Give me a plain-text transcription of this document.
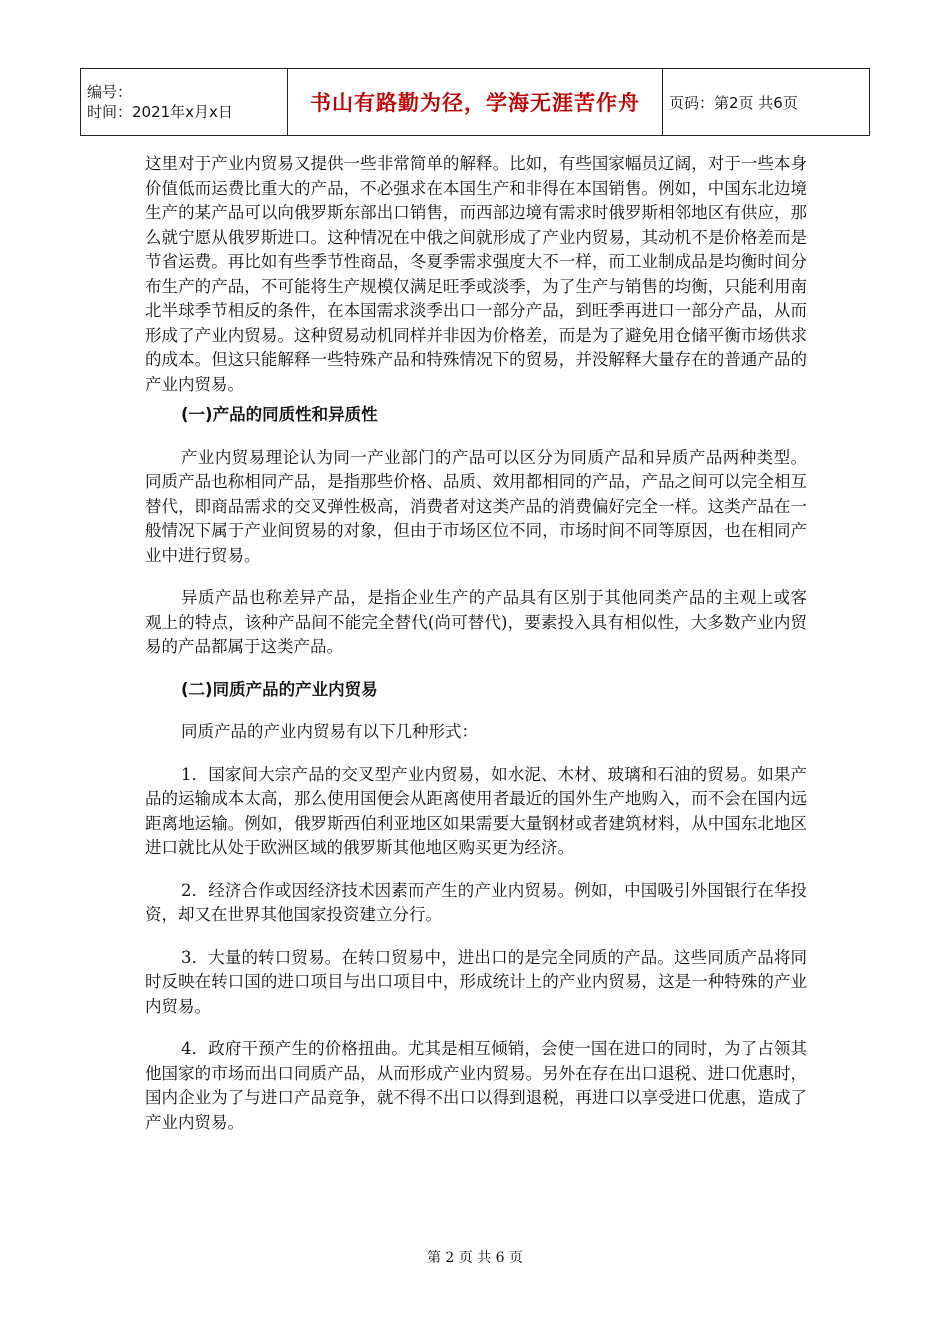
编号：
时间：2021年x月x日	书山有路勤为径，学海无涯苦作舟	页码：第2页 共6页

这里对于产业内贸易又提供一些非常简单的解释。比如，有些国家幅员辽阔，对于一些本身价值低而运费比重大的产品，不必强求在本国生产和非得在本国销售。例如，中国东北边境生产的某产品可以向俄罗斯东部出口销售，而西部边境有需求时俄罗斯相邻地区有供应，那么就宁愿从俄罗斯进口。这种情况在中俄之间就形成了产业内贸易，其动机不是价格差而是节省运费。再比如有些季节性商品，冬夏季需求强度大不一样，而工业制成品是均衡时间分布生产的产品，不可能将生产规模仅满足旺季或淡季，为了生产与销售的均衡，只能利用南北半球季节相反的条件，在本国需求淡季出口一部分产品，到旺季再进口一部分产品，从而形成了产业内贸易。这种贸易动机同样并非因为价格差，而是为了避免用仓储平衡市场供求的成本。但这只能解释一些特殊产品和特殊情况下的贸易，并没解释大量存在的普通产品的产业内贸易。

(一)产品的同质性和异质性

产业内贸易理论认为同一产业部门的产品可以区分为同质产品和异质产品两种类型。同质产品也称相同产品，是指那些价格、品质、效用都相同的产品，产品之间可以完全相互替代，即商品需求的交叉弹性极高，消费者对这类产品的消费偏好完全一样。这类产品在一般情况下属于产业间贸易的对象，但由于市场区位不同，市场时间不同等原因，也在相同产业中进行贸易。

异质产品也称差异产品，是指企业生产的产品具有区别于其他同类产品的主观上或客观上的特点，该种产品间不能完全替代(尚可替代)，要素投入具有相似性，大多数产业内贸易的产品都属于这类产品。

(二)同质产品的产业内贸易

同质产品的产业内贸易有以下几种形式：

1．国家间大宗产品的交叉型产业内贸易，如水泥、木材、玻璃和石油的贸易。如果产品的运输成本太高，那么使用国便会从距离使用者最近的国外生产地购入，而不会在国内远距离地运输。例如，俄罗斯西伯利亚地区如果需要大量钢材或者建筑材料，从中国东北地区进口就比从处于欧洲区域的俄罗斯其他地区购买更为经济。

2．经济合作或因经济技术因素而产生的产业内贸易。例如，中国吸引外国银行在华投资，却又在世界其他国家投资建立分行。

3．大量的转口贸易。在转口贸易中，进出口的是完全同质的产品。这些同质产品将同时反映在转口国的进口项目与出口项目中，形成统计上的产业内贸易，这是一种特殊的产业内贸易。

4．政府干预产生的价格扭曲。尤其是相互倾销，会使一国在进口的同时，为了占领其他国家的市场而出口同质产品，从而形成产业内贸易。另外在存在出口退税、进口优惠时，国内企业为了与进口产品竞争，就不得不出口以得到退税，再进口以享受进口优惠，造成了产业内贸易。

第 2 页 共 6 页
